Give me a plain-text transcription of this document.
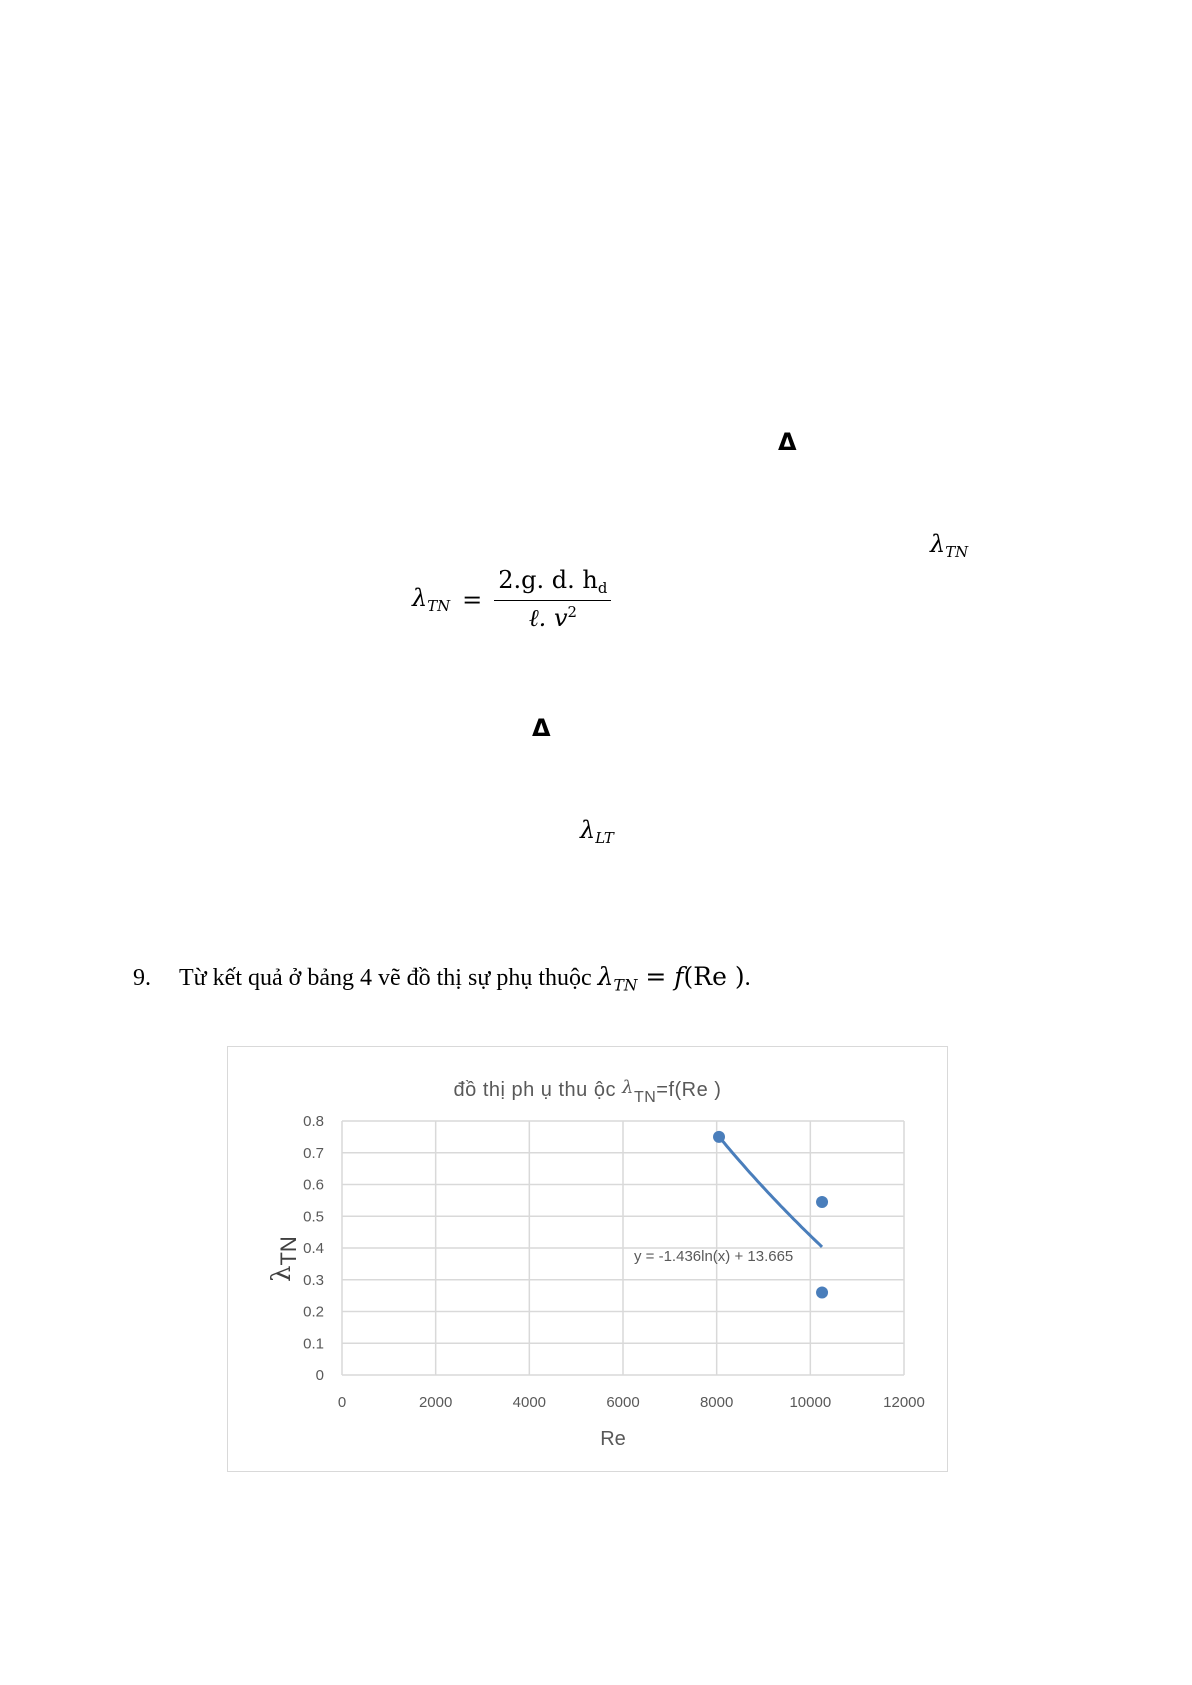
Δ
$\lambda_{TN}$
$\lambda_{TN} = \frac{2.g. d. h_d}{\ell. v^2}$
Δ
$\lambda_{LT}$
9.	Từ kết quả ở bảng 4 vẽ đồ thị sự phụ thuộc $\lambda_{TN} = f(Re$ ) .
đồ thị ph ụ thu ộc $\lambda_{TN}=f(Re$ )
0
0.1
0.2
0.3
0.4
0.5
0.6
0.7
0.8
0	2000	4000	6000	8000	10000	12000
Re
y = -1.436ln(x) + 13.665
$\lambda_{TN}$
